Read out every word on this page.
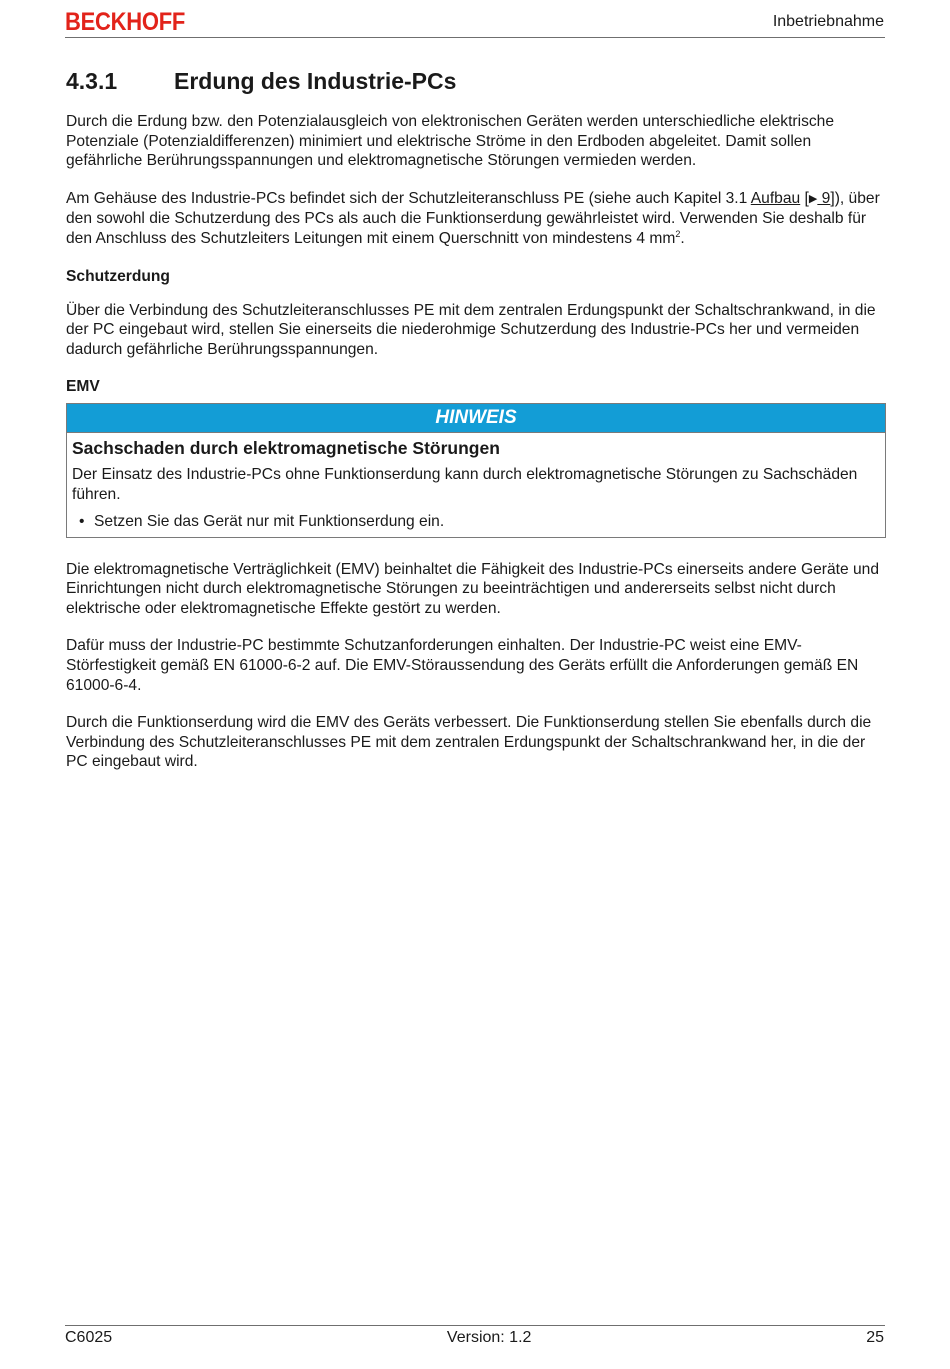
BECKHOFF	Inbetriebnahme
4.3.1	Erdung des Industrie-PCs

Durch die Erdung bzw. den Potenzialausgleich von elektronischen Geräten werden unterschiedliche elektrische Potenziale (Potenzialdifferenzen) minimiert und elektrische Ströme in den Erdboden abgeleitet. Damit sollen gefährliche Berührungsspannungen und elektromagnetische Störungen vermieden werden.

Am Gehäuse des Industrie-PCs befindet sich der Schutzleiteranschluss PE (siehe auch Kapitel 3.1 Aufbau [▶ 9]), über den sowohl die Schutzerdung des PCs als auch die Funktionserdung gewährleistet wird. Verwenden Sie deshalb für den Anschluss des Schutzleiters Leitungen mit einem Querschnitt von mindestens 4 $mm^2$.

Schutzerdung

Über die Verbindung des Schutzleiteranschlusses PE mit dem zentralen Erdungspunkt der Schaltschrankwand, in die der PC eingebaut wird, stellen Sie einerseits die niederohmige Schutzerdung des Industrie-PCs her und vermeiden dadurch gefährliche Berührungsspannungen.

EMV
HINWEIS
Sachschaden durch elektromagnetische Störungen
Der Einsatz des Industrie-PCs ohne Funktionserdung kann durch elektromagnetische Störungen zu Sachschäden führen.
• Setzen Sie das Gerät nur mit Funktionserdung ein.

Die elektromagnetische Verträglichkeit (EMV) beinhaltet die Fähigkeit des Industrie-PCs einerseits andere Geräte und Einrichtungen nicht durch elektromagnetische Störungen zu beeinträchtigen und andererseits selbst nicht durch elektrische oder elektromagnetische Effekte gestört zu werden.

Dafür muss der Industrie-PC bestimmte Schutzanforderungen einhalten. Der Industrie-PC weist eine EMV-Störfestigkeit gemäß EN 61000-6-2 auf. Die EMV-Störaussendung des Geräts erfüllt die Anforderungen gemäß EN 61000-6-4.

Durch die Funktionserdung wird die EMV des Geräts verbessert. Die Funktionserdung stellen Sie ebenfalls durch die Verbindung des Schutzleiteranschlusses PE mit dem zentralen Erdungspunkt der Schaltschrankwand her, in die der PC eingebaut wird.

C6025	Version: 1.2	25
